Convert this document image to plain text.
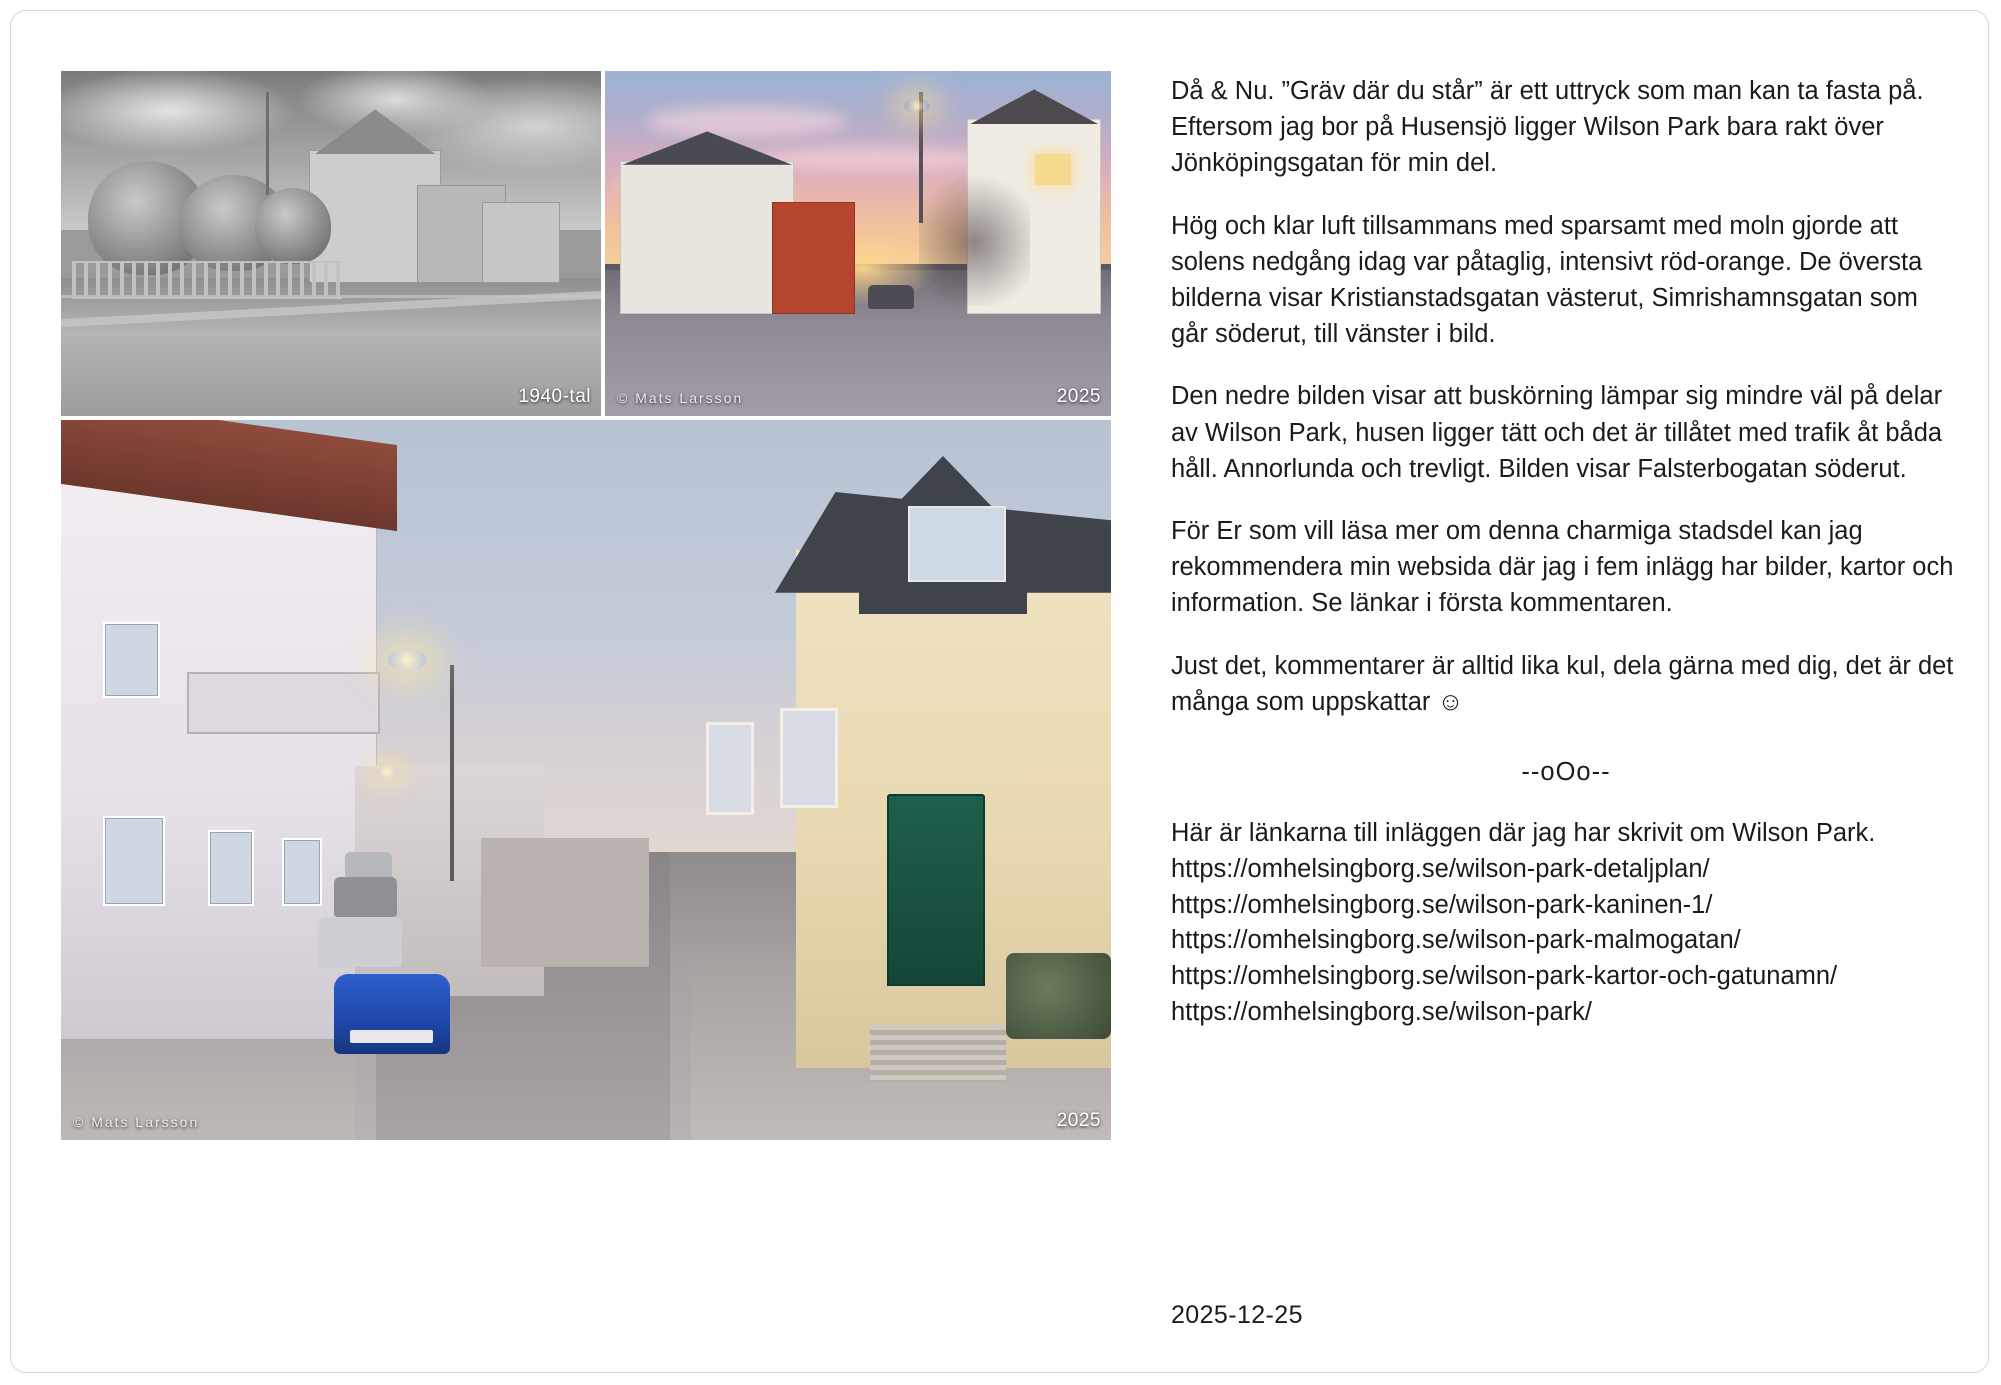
1940-tal © Mats Larsson	2025
© Mats Larsson	2025

Då & Nu. ”Gräv där du står” är ett uttryck som man kan ta fasta på. Eftersom jag bor på Husensjö ligger Wilson Park bara rakt över Jönköpingsgatan för min del.

Hög och klar luft tillsammans med sparsamt med moln gjorde att solens nedgång idag var påtaglig, intensivt röd-orange. De översta bilderna visar Kristianstadsgatan västerut, Simrishamnsgatan som går söderut, till vänster i bild.

Den nedre bilden visar att buskörning lämpar sig mindre väl på delar av Wilson Park, husen ligger tätt och det är tillåtet med trafik åt båda håll. Annorlunda och trevligt. Bilden visar Falsterbogatan söderut.

För Er som vill läsa mer om denna charmiga stadsdel kan jag rekommendera min websida där jag i fem inlägg har bilder, kartor och information. Se länkar i första kommentaren.

Just det, kommentarer är alltid lika kul, dela gärna med dig, det är det många som uppskattar ☺

--oOo--
Här är länkarna till inläggen där jag har skrivit om Wilson Park.
https://omhelsingborg.se/wilson-park-detaljplan/
https://omhelsingborg.se/wilson-park-kaninen-1/
https://omhelsingborg.se/wilson-park-malmogatan/
https://omhelsingborg.se/wilson-park-kartor-och-gatunamn/
https://omhelsingborg.se/wilson-park/
2025-12-25
